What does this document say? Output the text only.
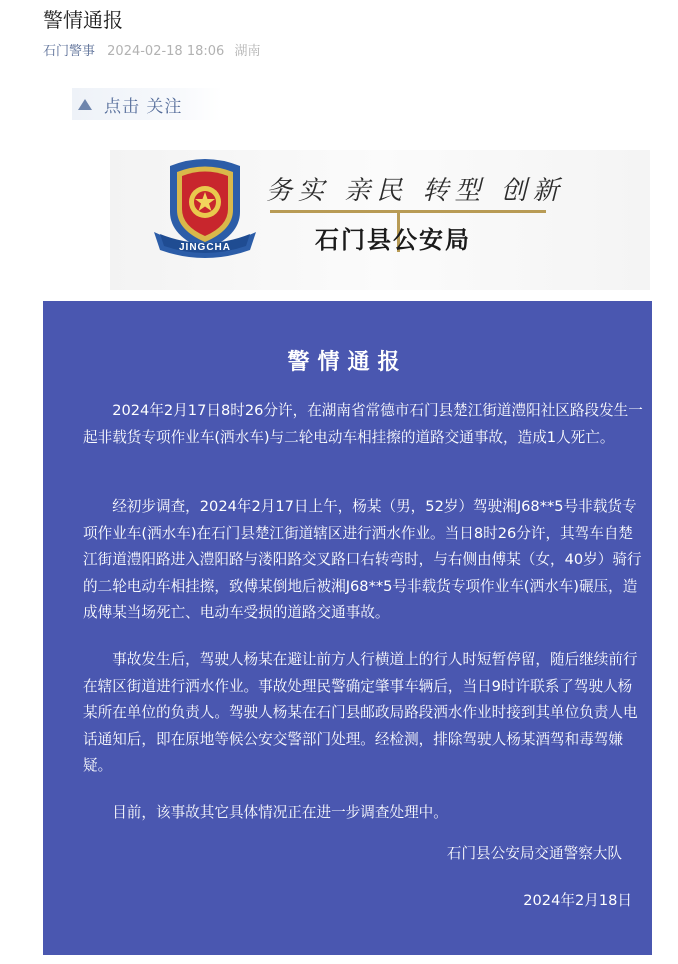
警情通报
石门警事 2024-02-18 18:06 湖南
点击 关注
JINGCHA
务实 亲民 转型 创新
石门县公安局
警情通报

2024年2月17日8时26分许，在湖南省常德市石门县楚江街道澧阳社区路段发生一起非载货专项作业车(洒水车)与二轮电动车相挂擦的道路交通事故，造成1人死亡。

经初步调查，2024年2月17日上午，杨某（男，52岁）驾驶湘J68**5号非载货专项作业车(洒水车)在石门县楚江街道辖区进行洒水作业。当日8时26分许，其驾车自楚江街道澧阳路进入澧阳路与溇阳路交叉路口右转弯时，与右侧由傅某（女，40岁）骑行的二轮电动车相挂擦，致傅某倒地后被湘J68**5号非载货专项作业车(洒水车)碾压，造成傅某当场死亡、电动车受损的道路交通事故。

事故发生后，驾驶人杨某在避让前方人行横道上的行人时短暂停留，随后继续前行在辖区街道进行洒水作业。事故处理民警确定肇事车辆后，当日9时许联系了驾驶人杨某所在单位的负责人。驾驶人杨某在石门县邮政局路段洒水作业时接到其单位负责人电话通知后，即在原地等候公安交警部门处理。经检测，排除驾驶人杨某酒驾和毒驾嫌疑。

目前，该事故其它具体情况正在进一步调查处理中。

石门县公安局交通警察大队
2024年2月18日
